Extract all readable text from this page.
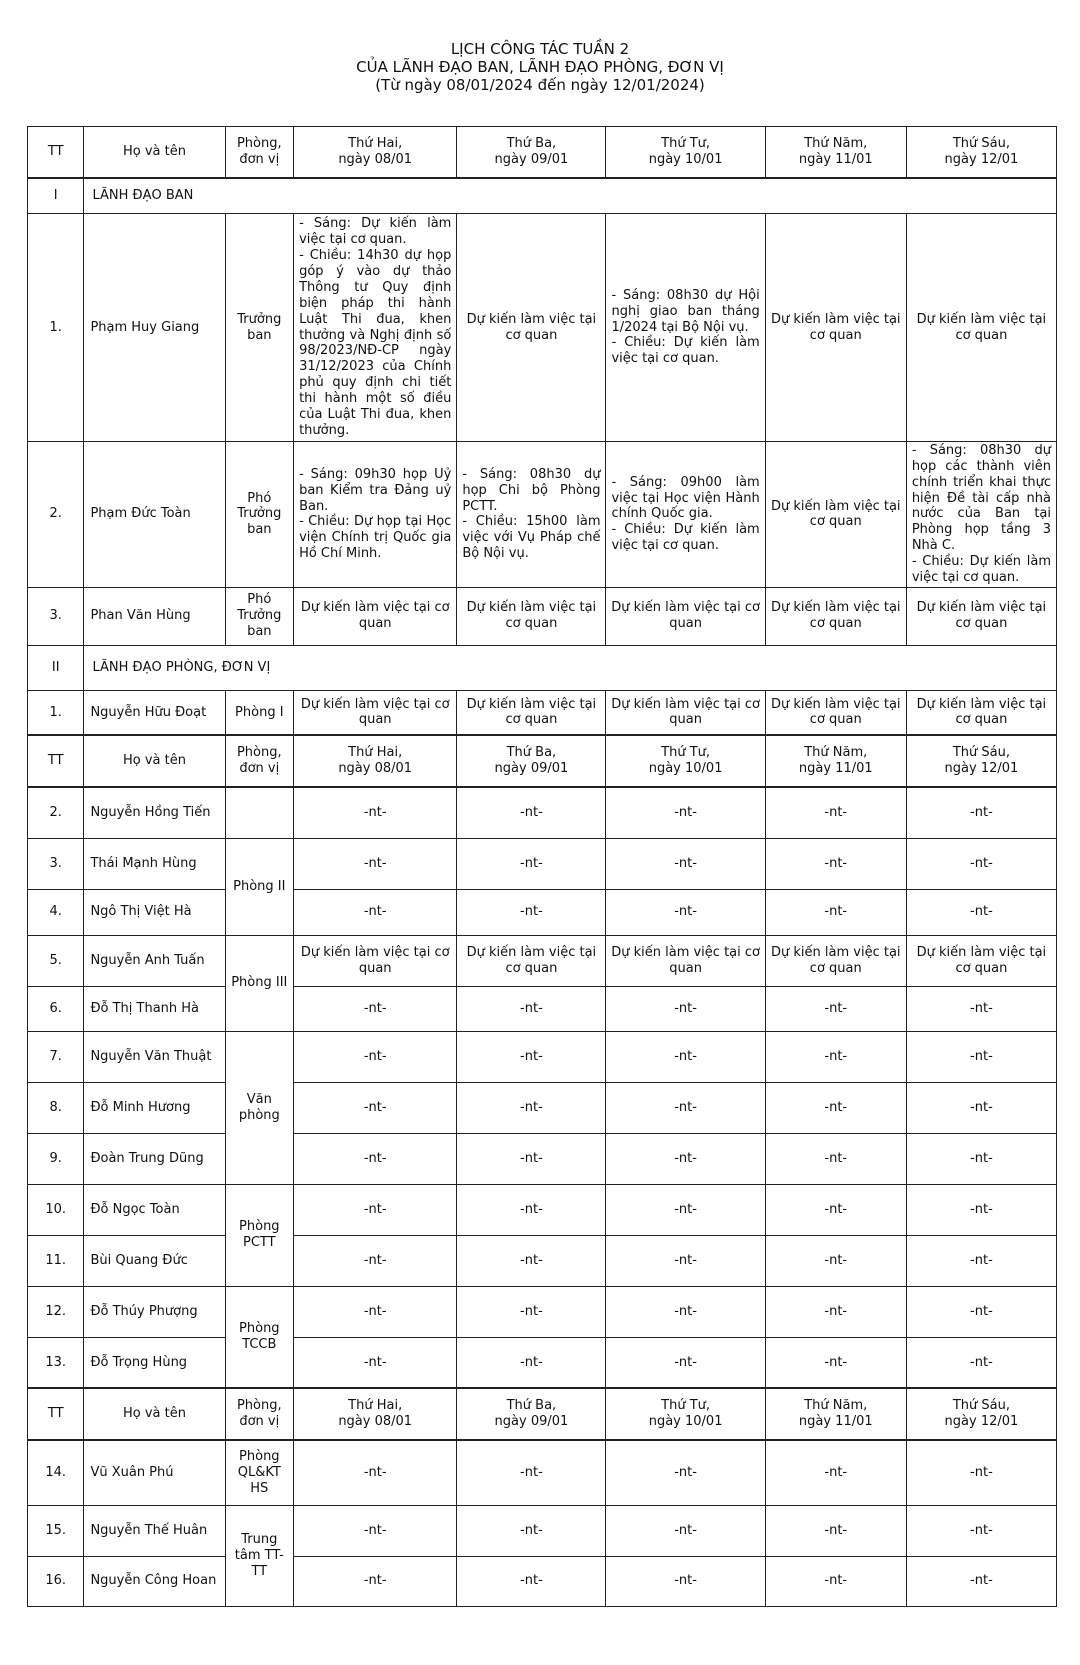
LỊCH CÔNG TÁC TUẦN 2
CỦA LÃNH ĐẠO BAN, LÃNH ĐẠO PHÒNG, ĐƠN VỊ
(Từ ngày 08/01/2024 đến ngày 12/01/2024)
TT	Họ và tên	Phòng,
đơn vị	Thứ Hai,
ngày 08/01	Thứ Ba,
ngày 09/01	Thứ Tư,
ngày 10/01	Thứ Năm,
ngày 11/01	Thứ Sáu,
ngày 12/01

I	LÃNH ĐẠO BAN						
1.	Phạm Huy Giang	Trưởng ban	- Sáng: Dự kiến làm việc tại cơ quan.
- Chiều: 14h30 dự họp góp ý vào dự thảo Thông tư Quy định biện pháp thi hành Luật Thi đua, khen thưởng và Nghị định số 98/2023/NĐ-CP ngày 31/12/2023 của Chính phủ quy định chi tiết thi hành một số điều của Luật Thi đua, khen thưởng.	Dự kiến làm việc tại cơ quan	- Sáng: 08h30 dự Hội nghị giao ban tháng 1/2024 tại Bộ Nội vụ.
- Chiều: Dự kiến làm việc tại cơ quan.	Dự kiến làm việc tại cơ quan	Dự kiến làm việc tại cơ quan
2.	Phạm Đức Toàn	Phó Trưởng ban	- Sáng: 09h30 họp Uỷ ban Kiểm tra Đảng uỷ Ban.
- Chiều: Dự họp tại Học viện Chính trị Quốc gia Hồ Chí Minh.	- Sáng: 08h30 dự họp Chi bộ Phòng PCTT.
- Chiều: 15h00 làm việc với Vụ Pháp chế Bộ Nội vụ.	- Sáng: 09h00 làm việc tại Học viện Hành chính Quốc gia.
- Chiều: Dự kiến làm việc tại cơ quan.	Dự kiến làm việc tại cơ quan	- Sáng: 08h30 dự họp các thành viên chính triển khai thực hiện Đề tài cấp nhà nước của Ban tại Phòng họp tầng 3 Nhà C.
- Chiều: Dự kiến làm việc tại cơ quan.
3.	Phan Văn Hùng	Phó Trưởng ban	Dự kiến làm việc tại cơ quan	Dự kiến làm việc tại cơ quan	Dự kiến làm việc tại cơ quan	Dự kiến làm việc tại cơ quan	Dự kiến làm việc tại cơ quan
II	LÃNH ĐẠO PHÒNG, ĐƠN VỊ						
1.	Nguyễn Hữu Đoạt	Phòng I	Dự kiến làm việc tại cơ quan	Dự kiến làm việc tại cơ quan	Dự kiến làm việc tại cơ quan	Dự kiến làm việc tại cơ quan	Dự kiến làm việc tại cơ quan
TT	Họ và tên	Phòng,
đơn vị	Thứ Hai,
ngày 08/01	Thứ Ba,
ngày 09/01	Thứ Tư,
ngày 10/01	Thứ Năm,
ngày 11/01	Thứ Sáu,
ngày 12/01

2.	Nguyễn Hồng Tiến		-nt-	-nt-	-nt-	-nt-	-nt-
3.	Thái Mạnh Hùng	Phòng II	-nt-	-nt-	-nt-	-nt-	-nt-
4.	Ngô Thị Việt Hà		-nt-	-nt-	-nt-	-nt-	-nt-
5.	Nguyễn Anh Tuấn	Phòng III	Dự kiến làm việc tại cơ quan	Dự kiến làm việc tại cơ quan	Dự kiến làm việc tại cơ quan	Dự kiến làm việc tại cơ quan	Dự kiến làm việc tại cơ quan
6.	Đỗ Thị Thanh Hà		-nt-	-nt-	-nt-	-nt-	-nt-
7.	Nguyễn Văn Thuật	Văn phòng	-nt-	-nt-	-nt-	-nt-	-nt-
8.	Đỗ Minh Hương		-nt-	-nt-	-nt-	-nt-	-nt-
9.	Đoàn Trung Dũng		-nt-	-nt-	-nt-	-nt-	-nt-
10.	Đỗ Ngọc Toàn	Phòng PCTT	-nt-	-nt-	-nt-	-nt-	-nt-
11.	Bùi Quang Đức		-nt-	-nt-	-nt-	-nt-	-nt-
12.	Đỗ Thúy Phượng	Phòng TCCB	-nt-	-nt-	-nt-	-nt-	-nt-
13.	Đỗ Trọng Hùng		-nt-	-nt-	-nt-	-nt-	-nt-
TT	Họ và tên	Phòng,
đơn vị	Thứ Hai,
ngày 08/01	Thứ Ba,
ngày 09/01	Thứ Tư,
ngày 10/01	Thứ Năm,
ngày 11/01	Thứ Sáu,
ngày 12/01

14.	Vũ Xuân Phú	Phòng QL&KT HS	-nt-	-nt-	-nt-	-nt-	-nt-
15.	Nguyễn Thế Huân	Trung tâm TT-TT	-nt-	-nt-	-nt-	-nt-	-nt-
16.	Nguyễn Công Hoan		-nt-	-nt-	-nt-	-nt-	-nt-
